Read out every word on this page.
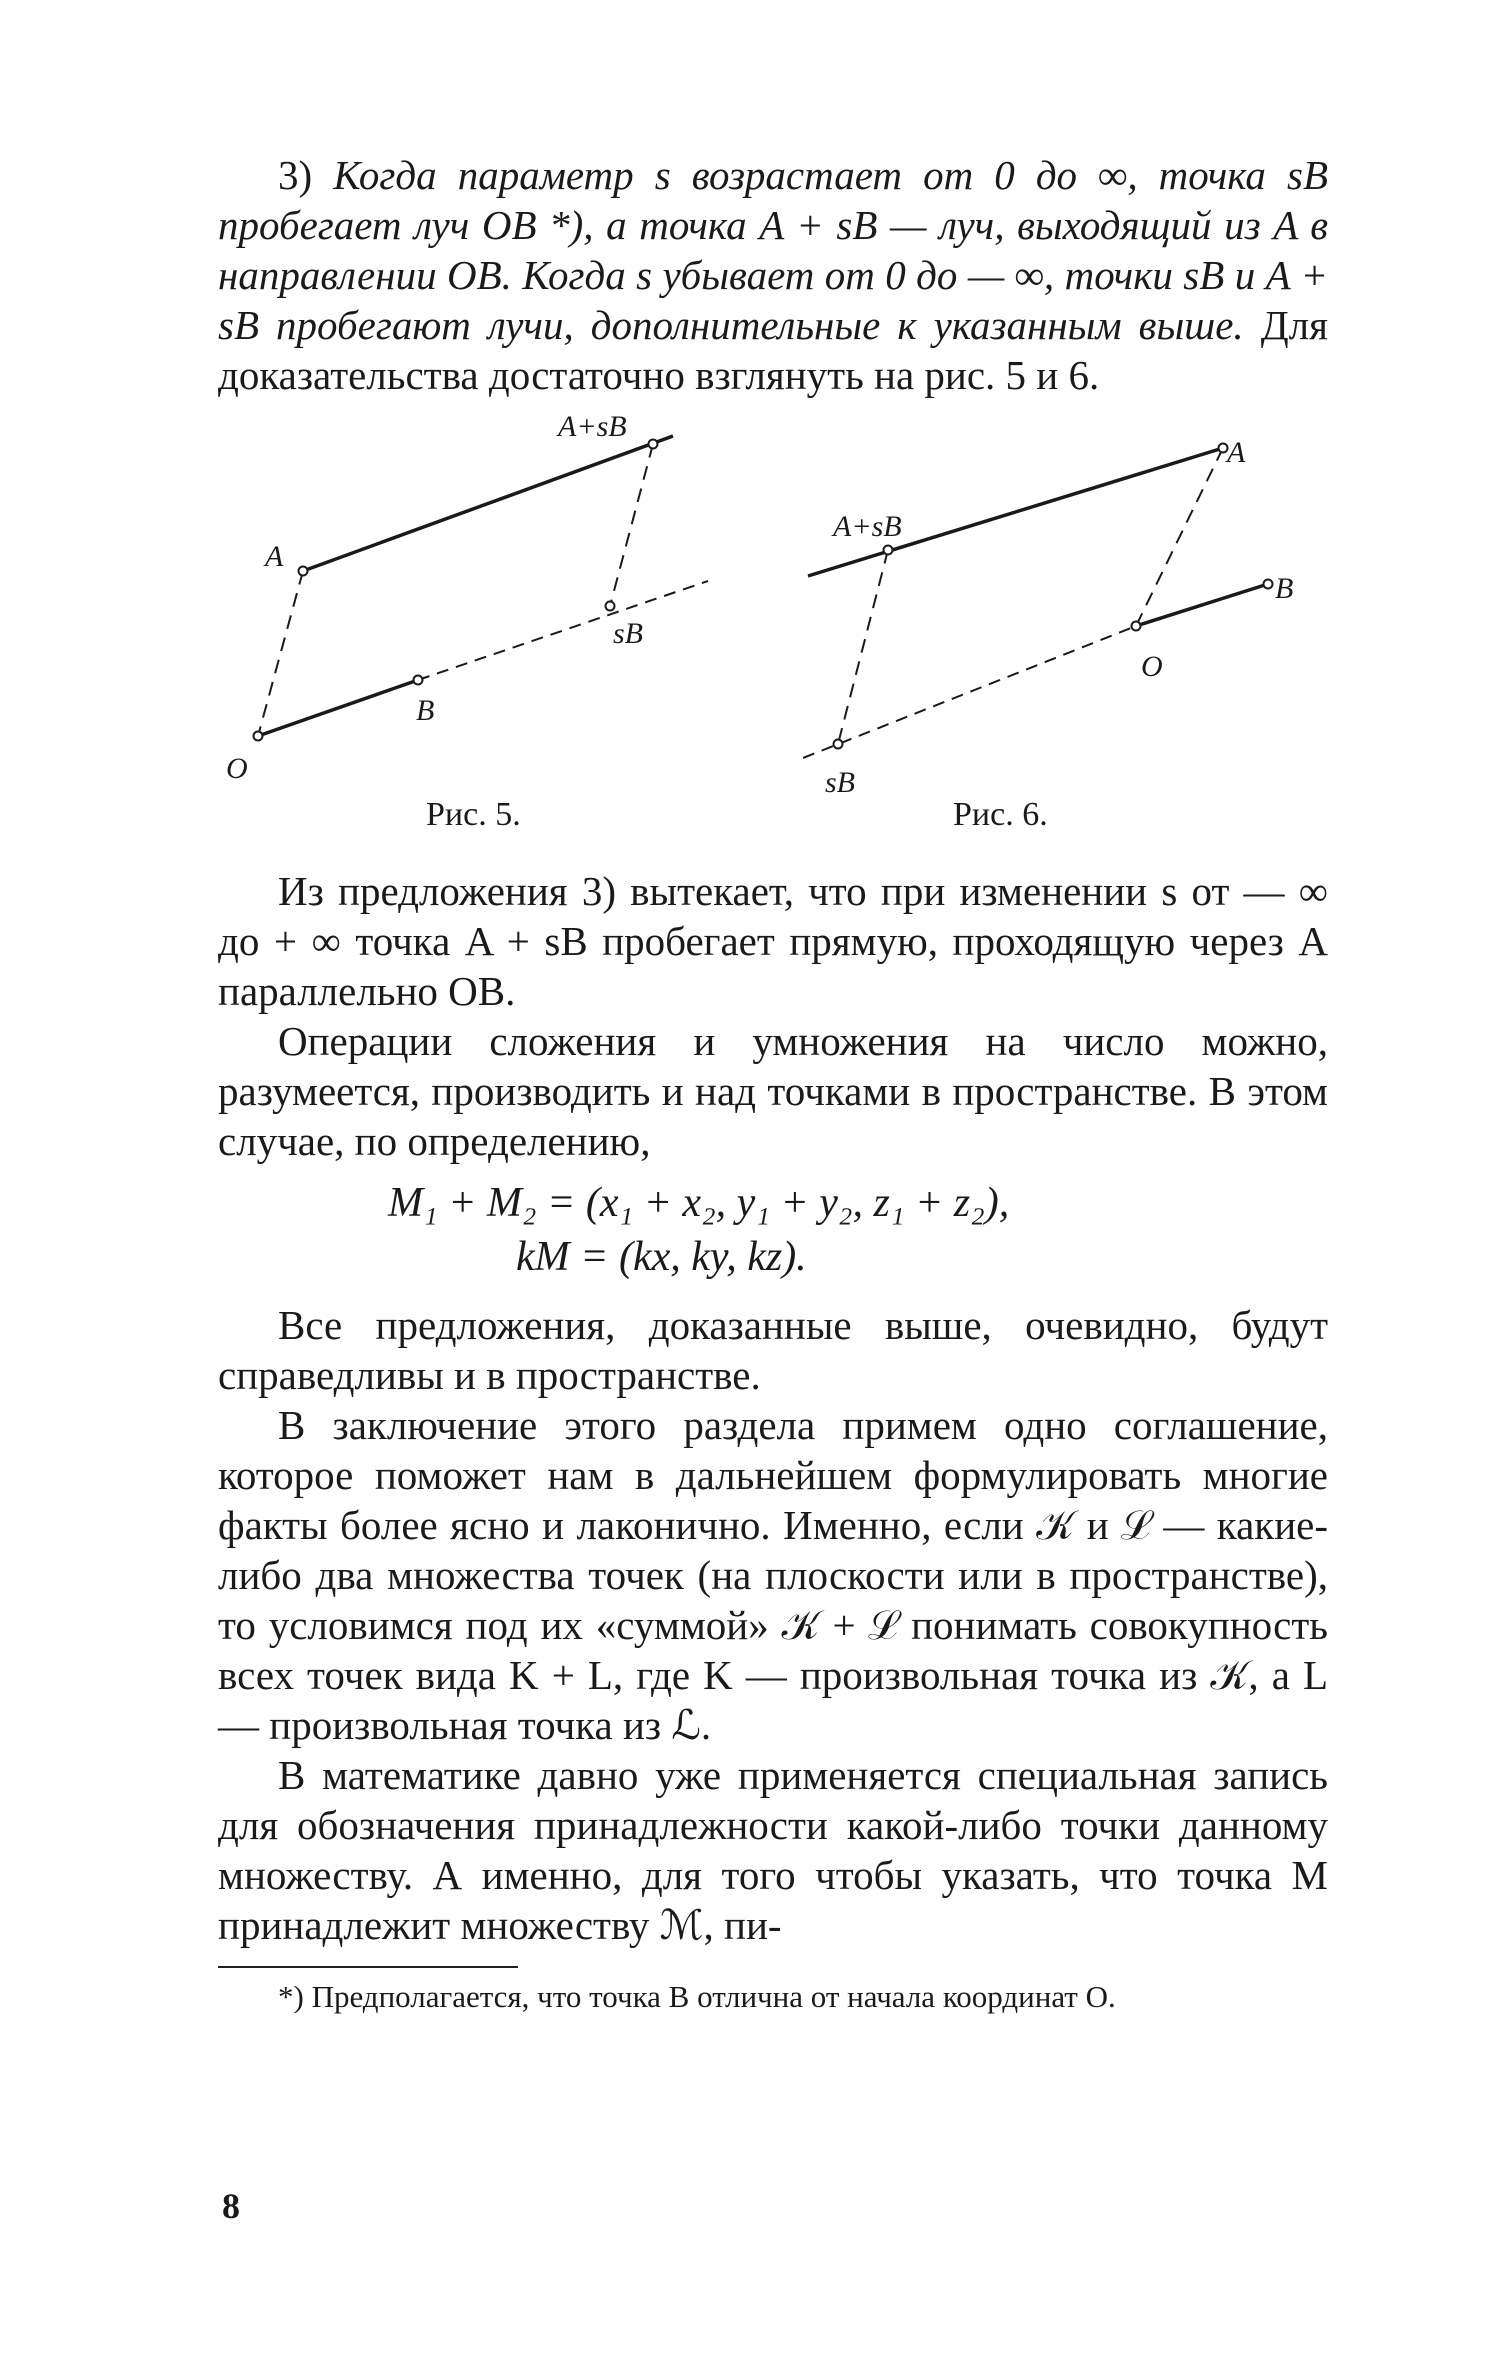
3) Когда параметр s возрастает от 0 до ∞, точка sB пробегает луч OB *), а точка A + sB — луч, выходящий из A в направлении OB. Когда s убывает от 0 до — ∞, точки sB и A + sB пробегают лучи, дополнительные к указанным выше. Для доказательства достаточно взглянуть на рис. 5 и 6.

A+sB
A
sB
B
O
Рис. 5.
A+sB
A
B
O
sB
Рис. 6.

Из предложения 3) вытекает, что при изменении s от — ∞ до + ∞ точка A + sB пробегает прямую, проходящую через A параллельно OB.

Операции сложения и умножения на число можно, разумеется, производить и над точками в пространстве. В этом случае, по определению,

M₁ + M₂ = (x₁ + x₂, y₁ + y₂, z₁ + z₂),
kM = (kx, ky, kz).

Все предложения, доказанные выше, очевидно, будут справедливы и в пространстве.

В заключение этого раздела примем одно соглашение, которое поможет нам в дальнейшем формулировать многие факты более ясно и лаконично. Именно, если 𝒦 и ℒ — какие-либо два множества точек (на плоскости или в пространстве), то условимся под их «суммой» 𝒦 + ℒ понимать совокупность всех точек вида K + L, где K — произвольная точка из 𝒦, а L — произвольная точка из ℒ.

В математике давно уже применяется специальная запись для обозначения принадлежности какой-либо точки данному множеству. А именно, для того чтобы указать, что точка M принадлежит множеству ℳ, пи-

*) Предполагается, что точка B отлична от начала координат O.
8
